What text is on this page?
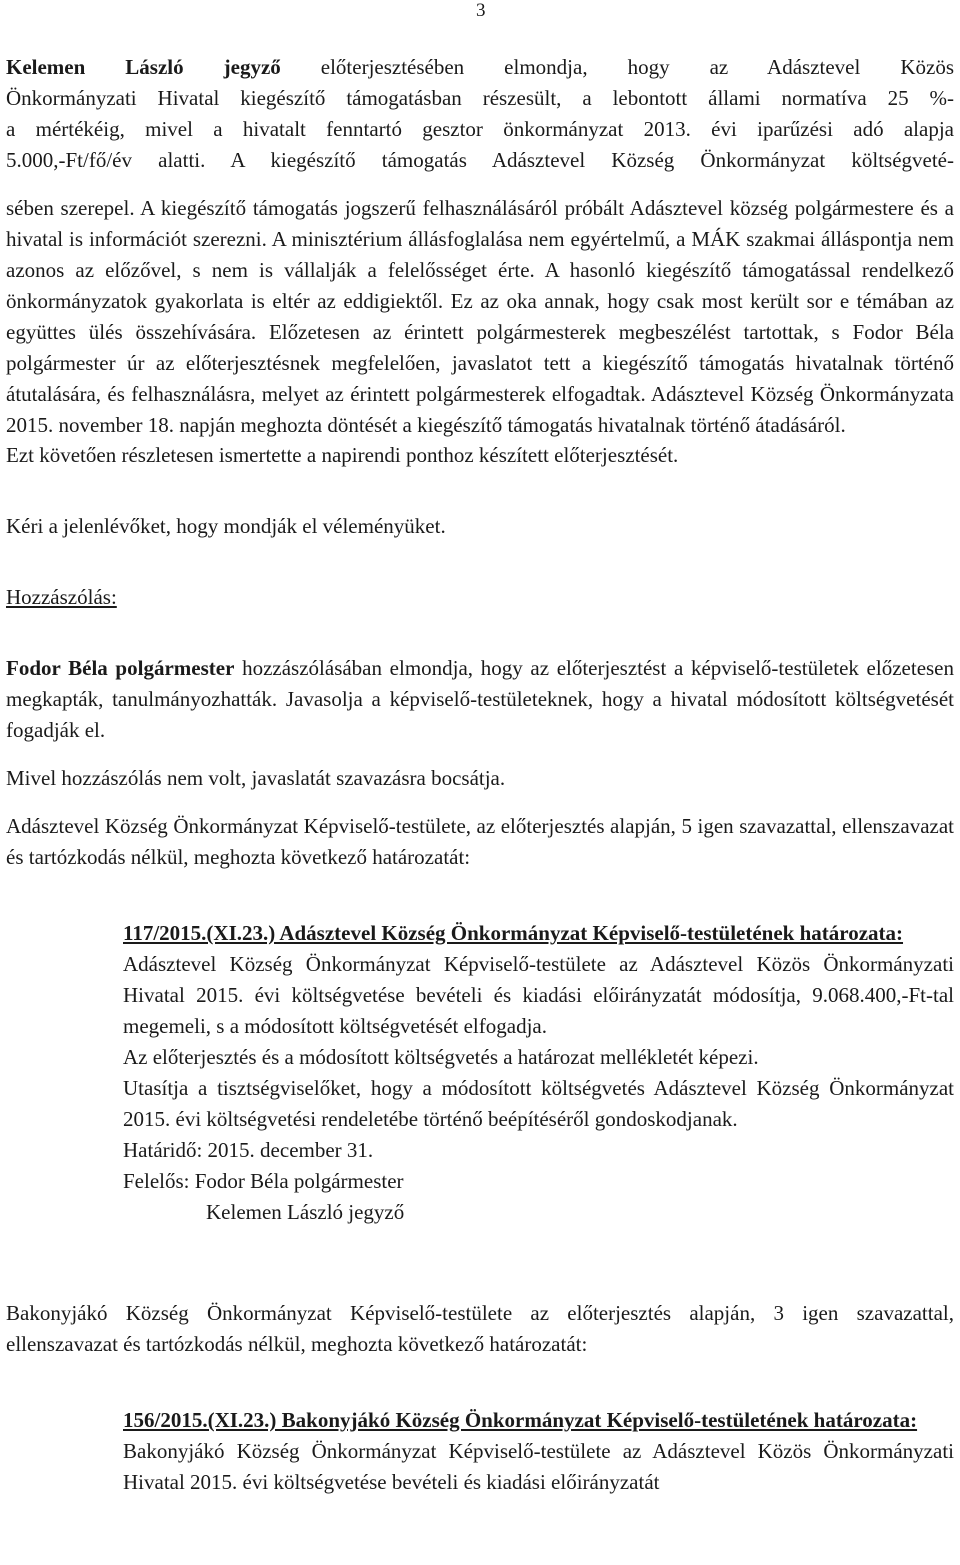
3
Kelemen László jegyző előterjesztésében elmondja, hogy az Adásztevel Közös
Önkormányzati Hivatal kiegészítő támogatásban részesült, a lebontott állami normatíva 25 %-
a mértékéig, mivel a hivatalt fenntartó gesztor önkormányzat 2013. évi iparűzési adó alapja
5.000,-Ft/fő/év alatti. A kiegészítő támogatás Adásztevel Község Önkormányzat költségveté-

sében szerepel. A kiegészítő támogatás jogszerű felhasználásáról próbált Adásztevel község polgármestere és a hivatal is információt szerezni. A minisztérium állásfoglalása nem egyértelmű, a MÁK szakmai álláspontja nem azonos az előzővel, s nem is vállalják a felelősséget érte. A hasonló kiegészítő támogatással rendelkező önkormányzatok gyakorlata is eltér az eddigiektől. Ez az oka annak, hogy csak most került sor e témában az együttes ülés összehívására. Előzetesen az érintett polgármesterek megbeszélést tartottak, s Fodor Béla polgármester úr az előterjesztésnek megfelelően, javaslatot tett a kiegészítő támogatás hivatalnak történő átutalására, és felhasználásra, melyet az érintett polgármesterek elfogadtak. Adásztevel Község Önkormányzata 2015. november 18. napján meghozta döntését a kiegészítő támogatás hivatalnak történő átadásáról.

Ezt követően részletesen ismertette a napirendi ponthoz készített előterjesztését.

Kéri a jelenlévőket, hogy mondják el véleményüket.

Hozzászólás:

Fodor Béla polgármester hozzászólásában elmondja, hogy az előterjesztést a képviselő-testületek előzetesen megkapták, tanulmányozhatták. Javasolja a képviselő-testületeknek, hogy a hivatal módosított költségvetését fogadják el.

Mivel hozzászólás nem volt, javaslatát szavazásra bocsátja.

Adásztevel Község Önkormányzat Képviselő-testülete, az előterjesztés alapján, 5 igen szavazattal, ellenszavazat és tartózkodás nélkül, meghozta következő határozatát:

117/2015.(XI.23.) Adásztevel Község Önkormányzat Képviselő-testületének határozata:

Adásztevel Község Önkormányzat Képviselő-testülete az Adásztevel Közös Önkormányzati Hivatal 2015. évi költségvetése bevételi és kiadási előirányzatát módosítja, 9.068.400,-Ft-tal megemeli, s a módosított költségvetését elfogadja.

Az előterjesztés és a módosított költségvetés a határozat mellékletét képezi.

Utasítja a tisztségviselőket, hogy a módosított költségvetés Adásztevel Község Önkormányzat 2015. évi költségvetési rendeletébe történő beépítéséről gondoskodjanak.

Határidő: 2015. december 31.

Felelős: Fodor Béla polgármester

Kelemen László jegyző

Bakonyjákó Község Önkormányzat Képviselő-testülete az előterjesztés alapján, 3 igen szavazattal, ellenszavazat és tartózkodás nélkül, meghozta következő határozatát:

156/2015.(XI.23.) Bakonyjákó Község Önkormányzat Képviselő-testületének határozata:

Bakonyjákó Község Önkormányzat Képviselő-testülete az Adásztevel Közös Önkormányzati Hivatal 2015. évi költségvetése bevételi és kiadási előirányzatát
